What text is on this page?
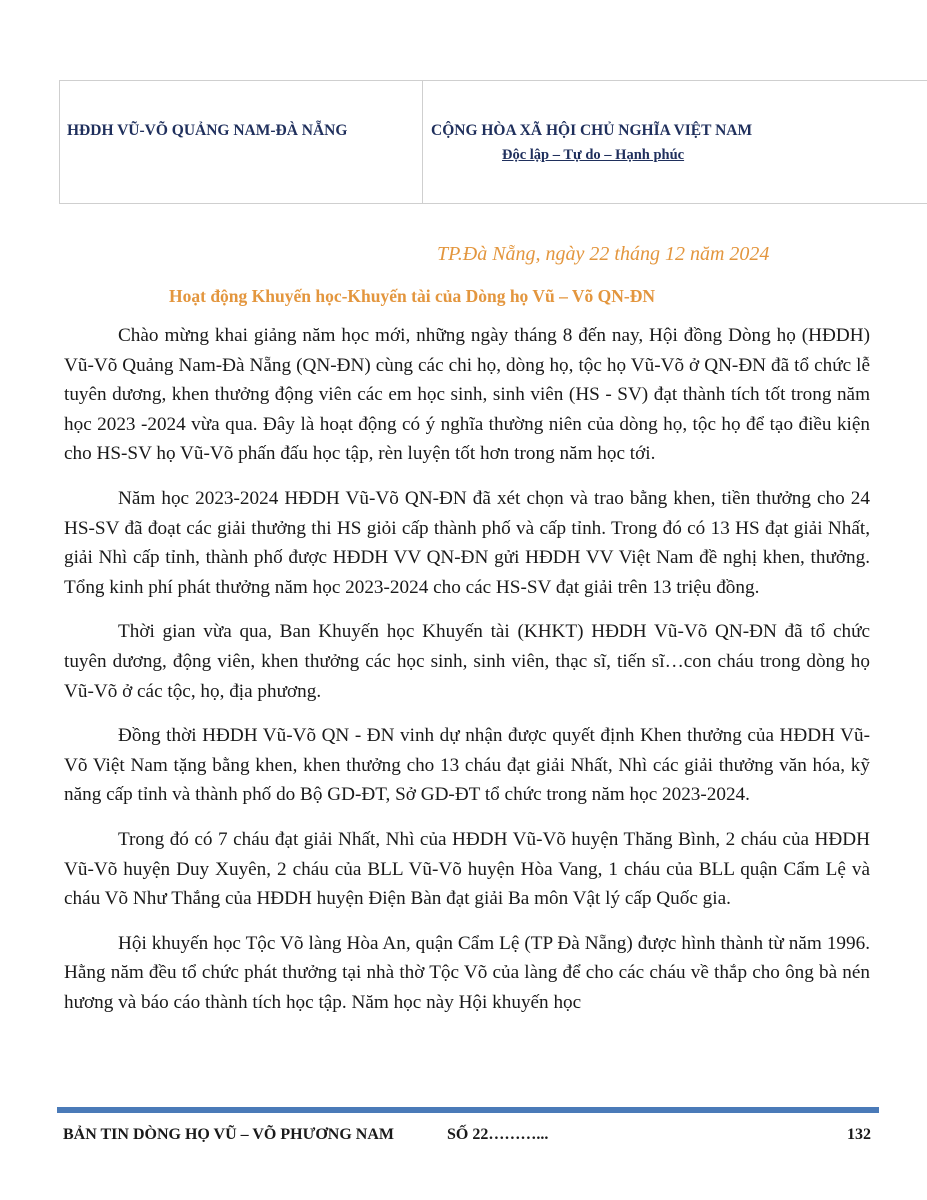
HĐDH VŨ-VÕ QUẢNG NAM-ĐÀ NẴNG	CỘNG HÒA XÃ HỘI CHỦ NGHĨA VIỆT NAM
Độc lập – Tự do – Hạnh phúc
TP.Đà Nẵng, ngày 22 tháng 12 năm 2024
Hoạt động Khuyến học-Khuyến tài của Dòng họ Vũ – Võ QN-ĐN

Chào mừng khai giảng năm học mới, những ngày tháng 8 đến nay, Hội đồng Dòng họ (HĐDH) Vũ-Võ Quảng Nam-Đà Nẵng (QN-ĐN) cùng các chi họ, dòng họ, tộc họ Vũ-Võ ở QN-ĐN đã tổ chức lễ tuyên dương, khen thưởng động viên các em học sinh, sinh viên (HS - SV) đạt thành tích tốt trong năm học 2023 -2024 vừa qua. Đây là hoạt động có ý nghĩa thường niên của dòng họ, tộc họ để tạo điều kiện cho HS-SV họ Vũ-Võ phấn đấu học tập, rèn luyện tốt hơn trong năm học tới.

Năm học 2023-2024 HĐDH Vũ-Võ QN-ĐN đã xét chọn và trao bằng khen, tiền thưởng cho 24 HS-SV đã đoạt các giải thưởng thi HS giỏi cấp thành phố và cấp tỉnh. Trong đó có 13 HS đạt giải Nhất, giải Nhì cấp tỉnh, thành phố được HĐDH VV QN-ĐN gửi HĐDH VV Việt Nam đề nghị khen, thưởng. Tổng kinh phí phát thưởng năm học 2023-2024 cho các HS-SV đạt giải trên 13 triệu đồng.

Thời gian vừa qua, Ban Khuyến học Khuyến tài (KHKT) HĐDH Vũ-Võ QN-ĐN đã tổ chức tuyên dương, động viên, khen thưởng các học sinh, sinh viên, thạc sĩ, tiến sĩ…con cháu trong dòng họ Vũ-Võ ở các tộc, họ, địa phương.

Đồng thời HĐDH Vũ-Võ QN - ĐN vinh dự nhận được quyết định Khen thưởng của HĐDH Vũ-Võ Việt Nam tặng bằng khen, khen thưởng cho 13 cháu đạt giải Nhất, Nhì các giải thưởng văn hóa, kỹ năng cấp tỉnh và thành phố do Bộ GD-ĐT, Sở GD-ĐT tổ chức trong năm học 2023-2024.

Trong đó có 7 cháu đạt giải Nhất, Nhì của HĐDH Vũ-Võ huyện Thăng Bình, 2 cháu của HĐDH Vũ-Võ huyện Duy Xuyên, 2 cháu của BLL Vũ-Võ huyện Hòa Vang, 1 cháu của BLL quận Cẩm Lệ và cháu Võ Như Thắng của HĐDH huyện Điện Bàn đạt giải Ba môn Vật lý cấp Quốc gia.

Hội khuyến học Tộc Võ làng Hòa An, quận Cẩm Lệ (TP Đà Nẵng) được hình thành từ năm 1996. Hằng năm đều tổ chức phát thưởng tại nhà thờ Tộc Võ của làng để cho các cháu về thắp cho ông bà nén hương và báo cáo thành tích học tập. Năm học này Hội khuyến học

BẢN TIN DÒNG HỌ VŨ – VÕ PHƯƠNG NAM	SỐ 22………...	132
